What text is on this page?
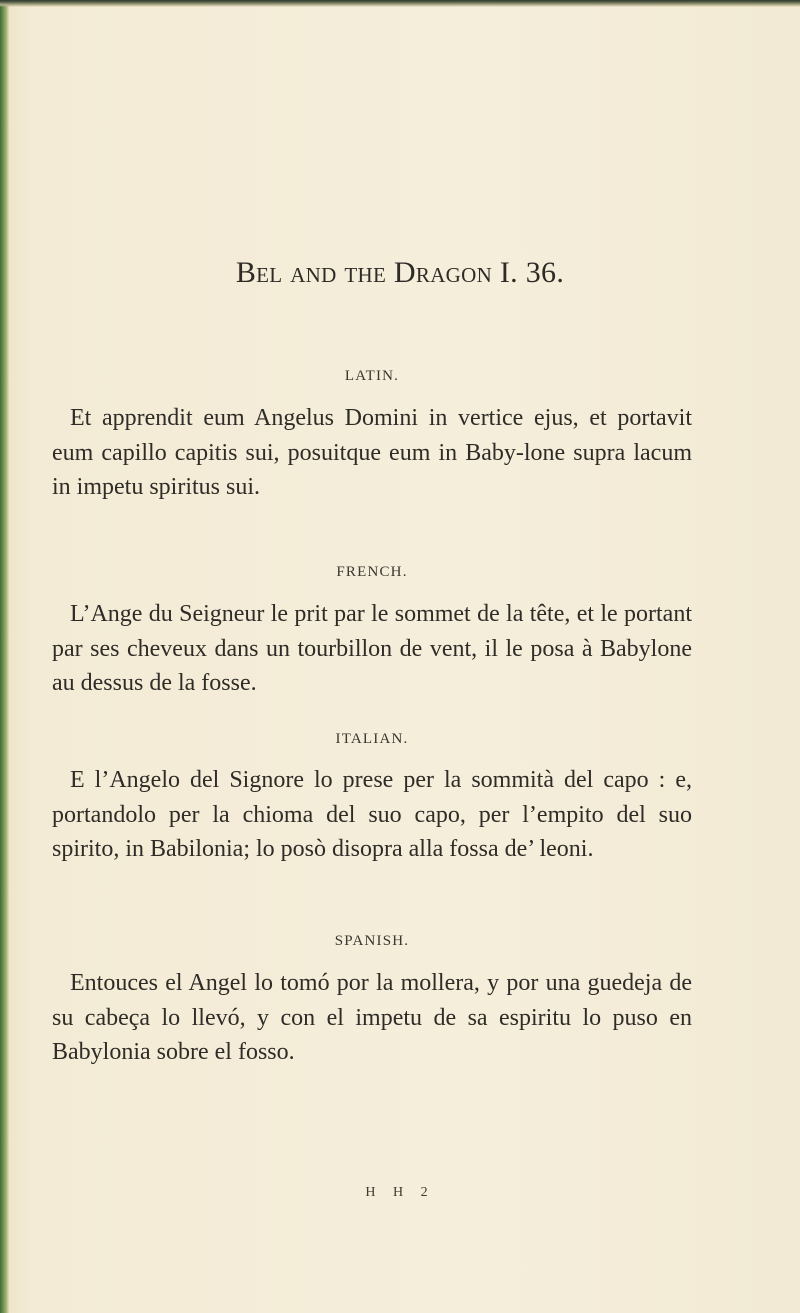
Bel and the Dragon I. 36.

LATIN.

Et apprendit eum Angelus Domini in vertice ejus, et portavit eum capillo capitis sui, posuitque eum in Baby-lone supra lacum in impetu spiritus sui.

FRENCH.

L’Ange du Seigneur le prit par le sommet de la tête, et le portant par ses cheveux dans un tourbillon de vent, il le posa à Babylone au dessus de la fosse.

ITALIAN.

E l’Angelo del Signore lo prese per la sommità del capo : e, portandolo per la chioma del suo capo, per l’empito del suo spirito, in Babilonia; lo posò disopra alla fossa de’ leoni.

SPANISH.

Entouces el Angel lo tomó por la mollera, y por una guedeja de su cabeça lo llevó, y con el impetu de sa espiritu lo puso en Babylonia sobre el fosso.

H H 2
